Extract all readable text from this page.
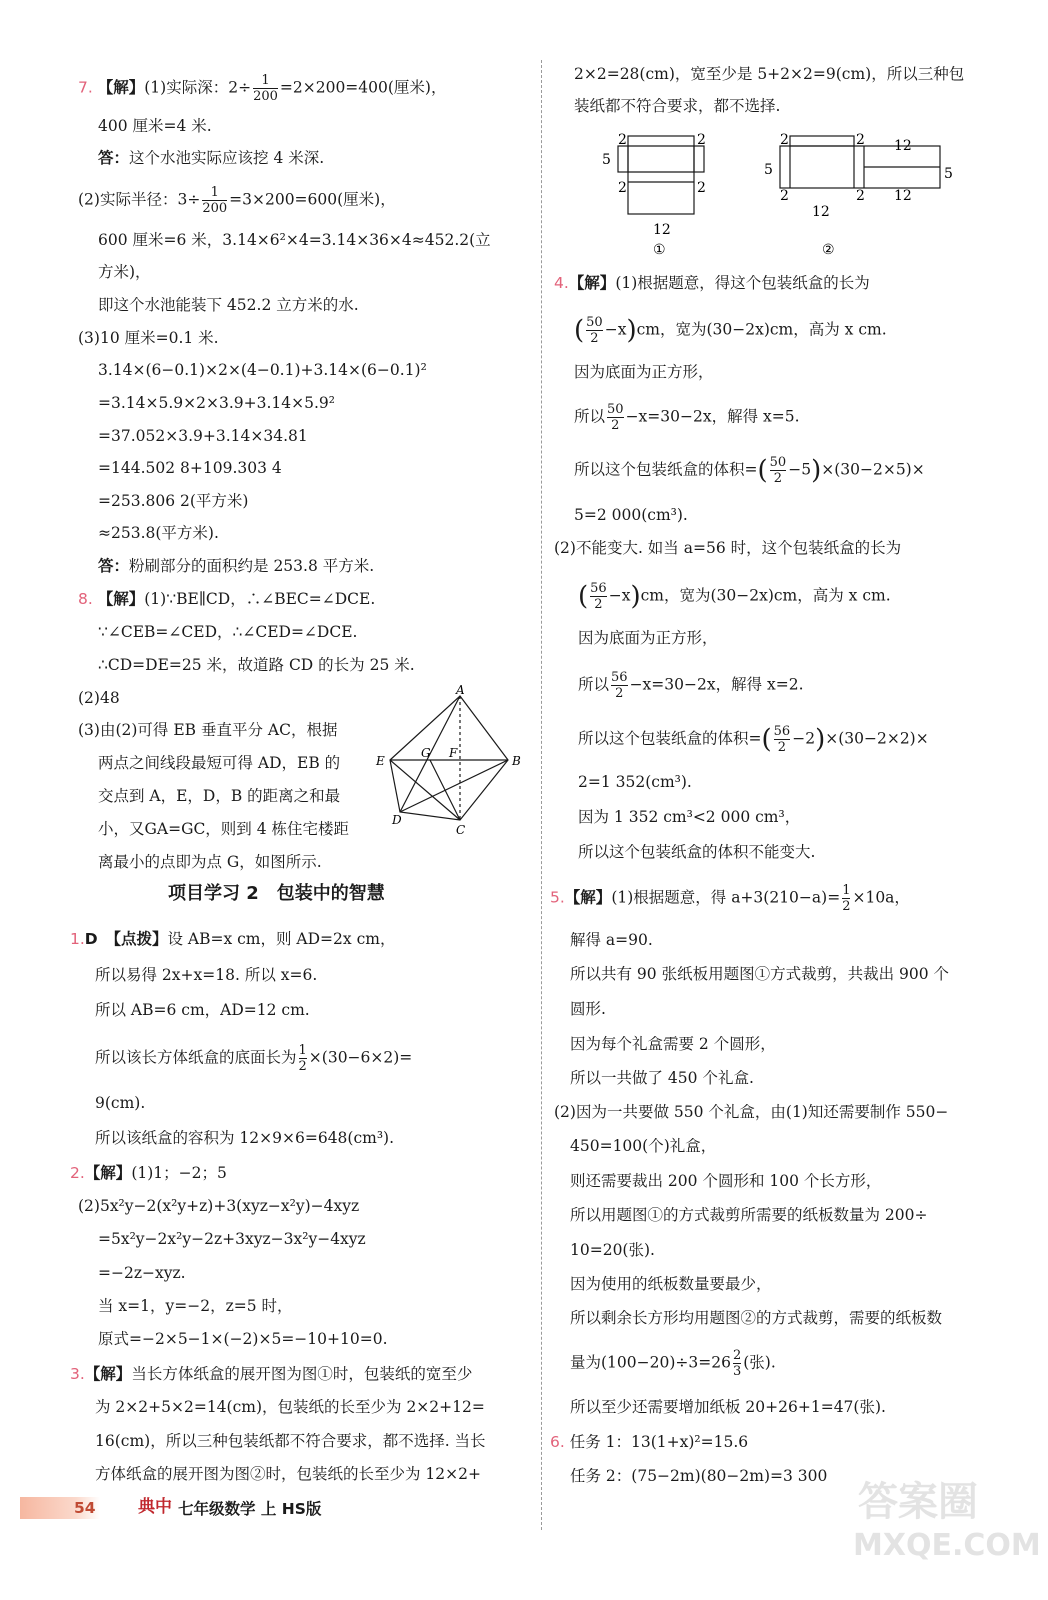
7. 【解】(1)实际深：$2\div \frac{1}{200} =2\times 200=400$(厘米)，
400 厘米=4 米.
答：这个水池实际应该挖 4 米深.
(2)实际半径：$3\div \frac{1}{200} =3\times 200=600$(厘米)，
600 厘米=6 米，3.14×6²×4=3.14×36×4≈452.2(立
方米)，
即这个水池能装下 452.2 立方米的水.
(3)10 厘米=0.1 米.
3.14×(6−0.1)×2×(4−0.1)+3.14×(6−0.1)²
=3.14×5.9×2×3.9+3.14×5.9²
=37.052×3.9+3.14×34.81
=144.502 8+109.303 4
=253.806 2(平方米)
≈253.8(平方米).
答：粉刷部分的面积约是 253.8 平方米.
8. 【解】(1)∵BE∥CD，∴∠BEC=∠DCE.
∵∠CEB=∠CED，∴∠CED=∠DCE.
∴CD=DE=25 米，故道路 CD 的长为 25 米.
(2)48
(3)由(2)可得 EB 垂直平分 AC，根据
两点之间线段最短可得 AD，EB 的
交点到 A，E，D，B 的距离之和最
小，又GA=GC，则到 4 栋住宅楼距
离最小的点即为点 G，如图所示.
A
B
C
D
E
F
G
项目学习 2　包装中的智慧
1.D　 【点拨】设 AB=x cm，则 AD=2x cm，
所以易得 2x+x=18. 所以 x=6.
所以 AB=6 cm，AD=12 cm.
所以该长方体纸盒的底面长为 $\frac{1}{2} \times(30-6\times 2)=$
9(cm).
所以该纸盒的容积为 12×9×6=648(cm³).
2.【解】(1)1；−2；5
(2)5x²y−2(x²y+z)+3(xyz−x²y)−4xyz
=5x²y−2x²y−2z+3xyz−3x²y−4xyz
=−2z−xyz.
当 x=1，y=−2，z=5 时，
原式=−2×5−1×(−2)×5=−10+10=0.
3.【解】当长方体纸盒的展开图为图①时，包装纸的宽至少
为 2×2+5×2=14(cm)，包装纸的长至少为 2×2+12=
16(cm)，所以三种包装纸都不符合要求，都不选择. 当长
方体纸盒的展开图为图②时，包装纸的长至少为 12×2+
54 典中 七年级数学 上 HS版
2×2=28(cm)，宽至少是 5+2×2=9(cm)，所以三种包
装纸都不符合要求，都不选择.
2	2
5
2	2
12
①
2	2 12
5	5
2
12
2 12
②
4.【解】(1)根据题意，得这个包装纸盒的长为
( $\frac{50}{2} -x)cm$，宽为(30−2x)cm，高为 x cm.
因为底面为正方形，
所以 $\frac{50}{2} -x=30-2x$，解得 x=5.
所以这个包装纸盒的体积=( $\frac{50}{2} -5)\times(30-2\times 5)\times$
5=2 000(cm³).
(2)不能变大. 如当 a=56 时，这个包装纸盒的长为
( $\frac{56}{2} -x)cm$，宽为(30−2x)cm，高为 x cm.
因为底面为正方形，
所以 $\frac{56}{2} -x=30-2x$，解得 x=2.
所以这个包装纸盒的体积=( $\frac{56}{2} -2)\times(30-2\times 2)\times$
2=1 352(cm³).
因为 1 352 cm³<2 000 cm³，
所以这个包装纸盒的体积不能变大.
5.【解】(1)根据题意，得 $a+3(210-a)= \frac{1}{2} \times 10a$，
解得 a=90.
所以共有 90 张纸板用题图①方式裁剪，共裁出 900 个
圆形.
因为每个礼盒需要 2 个圆形，
所以一共做了 450 个礼盒.
(2)因为一共要做 550 个礼盒，由(1)知还需要制作 550−
450=100(个)礼盒，
则还需要裁出 200 个圆形和 100 个长方形，
所以用题图①的方式裁剪所需要的纸板数量为 200÷
10=20(张).
因为使用的纸板数量要最少，
所以剩余长方形均用题图②的方式裁剪，需要的纸板数
量为$(100-20)\div 3=26 \frac{2}{3}$ (张).
所以至少还需要增加纸板 20+26+1=47(张).
6. 任务 1：13(1+x)²=15.6
任务 2：(75−2m)(80−2m)=3 300
答案圈
MXQE.COM
